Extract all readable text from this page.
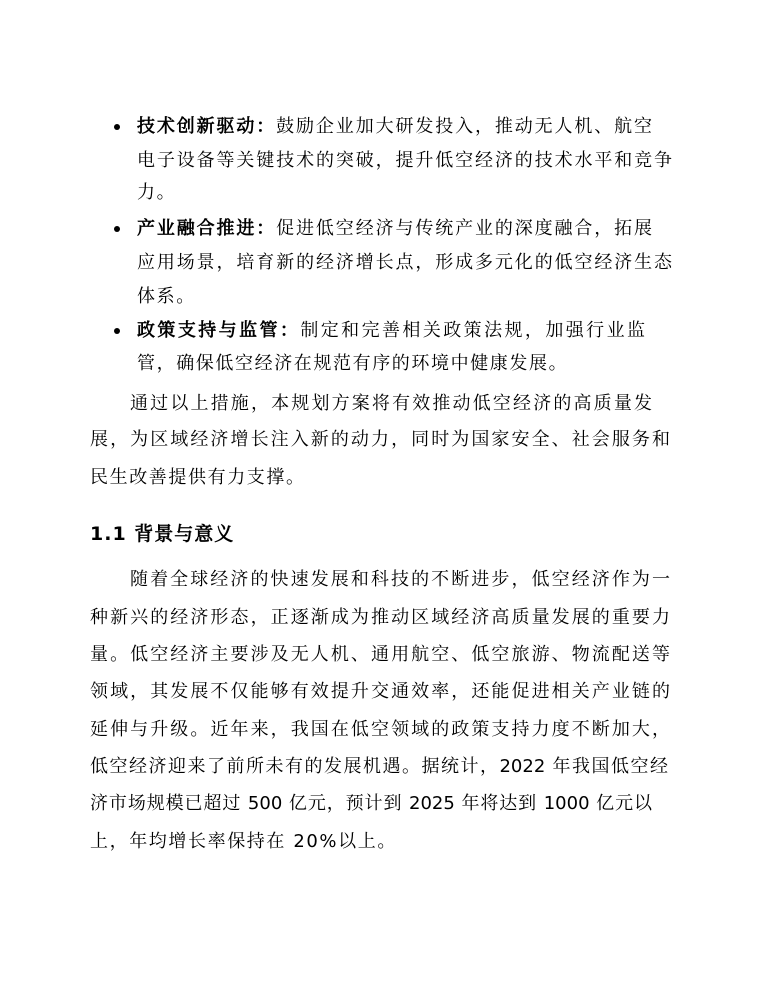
技术创新驱动：鼓励企业加大研发投入，推动无人机、航空
电子设备等关键技术的突破，提升低空经济的技术水平和竞争
力。
产业融合推进：促进低空经济与传统产业的深度融合，拓展
应用场景，培育新的经济增长点，形成多元化的低空经济生态
体系。
政策支持与监管：制定和完善相关政策法规，加强行业监
管，确保低空经济在规范有序的环境中健康发展。
通过以上措施，本规划方案将有效推动低空经济的高质量发
展，为区域经济增长注入新的动力，同时为国家安全、社会服务和
民生改善提供有力支撑。
1.1 背景与意义
随着全球经济的快速发展和科技的不断进步，低空经济作为一
种新兴的经济形态，正逐渐成为推动区域经济高质量发展的重要力
量。低空经济主要涉及无人机、通用航空、低空旅游、物流配送等
领域，其发展不仅能够有效提升交通效率，还能促进相关产业链的
延伸与升级。近年来，我国在低空领域的政策支持力度不断加大，
低空经济迎来了前所未有的发展机遇。据统计，2022 年我国低空经
济市场规模已超过 500 亿元，预计到 2025 年将达到 1000 亿元以
上，年均增长率保持在 20%以上。
